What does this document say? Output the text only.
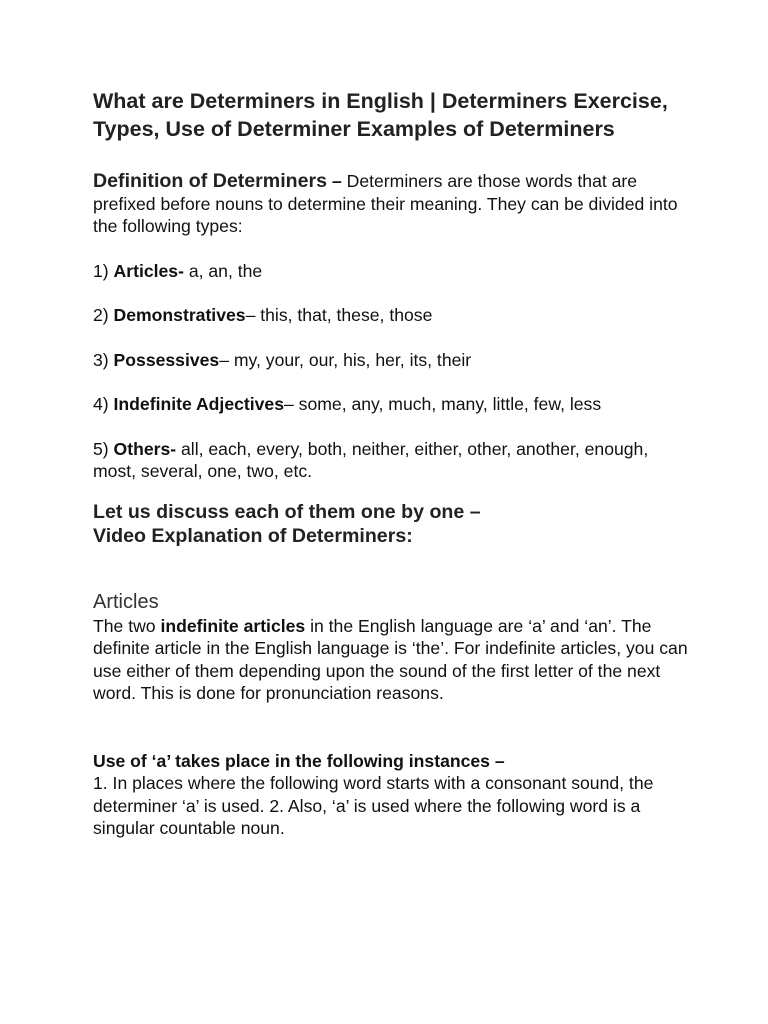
What are Determiners in English | Determiners Exercise, Types, Use of Determiner Examples of Determiners
Definition of Determiners – Determiners are those words that are prefixed before nouns to determine their meaning. They can be divided into the following types:

1) Articles- a, an, the

2) Demonstratives– this, that, these, those

3) Possessives– my, your, our, his, her, its, their

4) Indefinite Adjectives– some, any, much, many, little, few, less

5) Others- all, each, every, both, neither, either, other, another, enough, most, several, one, two, etc.

Let us discuss each of them one by one –
Video Explanation of Determiners:
Articles

The two indefinite articles in the English language are ‘a’ and ‘an’. The definite article in the English language is ‘the’. For indefinite articles, you can use either of them depending upon the sound of the first letter of the next word. This is done for pronunciation reasons.

Use of ‘a’ takes place in the following instances –

1. In places where the following word starts with a consonant sound, the determiner ‘a’ is used. 2. Also, ‘a’ is used where the following word is a singular countable noun.
